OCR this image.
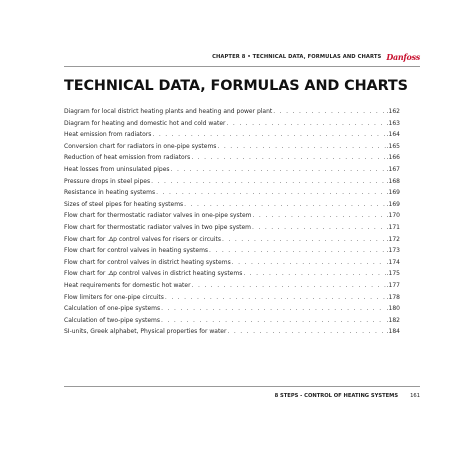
CHAPTER 8 • TECHNICAL DATA, FORMULAS AND CHARTS Danfoss
TECHNICAL DATA, FORMULAS AND CHARTS
Diagram for local district heating plants and heating and power plant . . .	.162
Diagram for heating and domestic hot and cold water . . .	.163
Heat emission from radiators . . .	.164
Conversion chart for radiators in one-pipe systems . . .	.165
Reduction of heat emission from radiators . . .	.166
Heat losses from uninsulated pipes . . .	.167
Pressure drops in steel pipes . . .	.168
Resistance in heating systems . . .	.169
Sizes of steel pipes for heating systems . . .	.169
Flow chart for thermostatic radiator valves in one-pipe system . . .	.170
Flow chart for thermostatic radiator valves in two pipe system . . .	.171
Flow chart for .∆p control valves for risers or circuits . . .	.172
Flow chart for control valves in heating systems . . .	.173
Flow chart for control valves in district heating systems . . .	.174
Flow chart for .∆p control valves in district heating systems . . .	.175
Heat requirements for domestic hot water . . .	.177
Flow limiters for one-pipe circuits . . .	.178
Calculation of one-pipe systems . . .	.180
Calculation of two-pipe systems . . .	.182
SI-units, Greek alphabet, Physical properties for water . . .	.184
8 STEPS - CONTROL OF HEATING SYSTEMS 161
